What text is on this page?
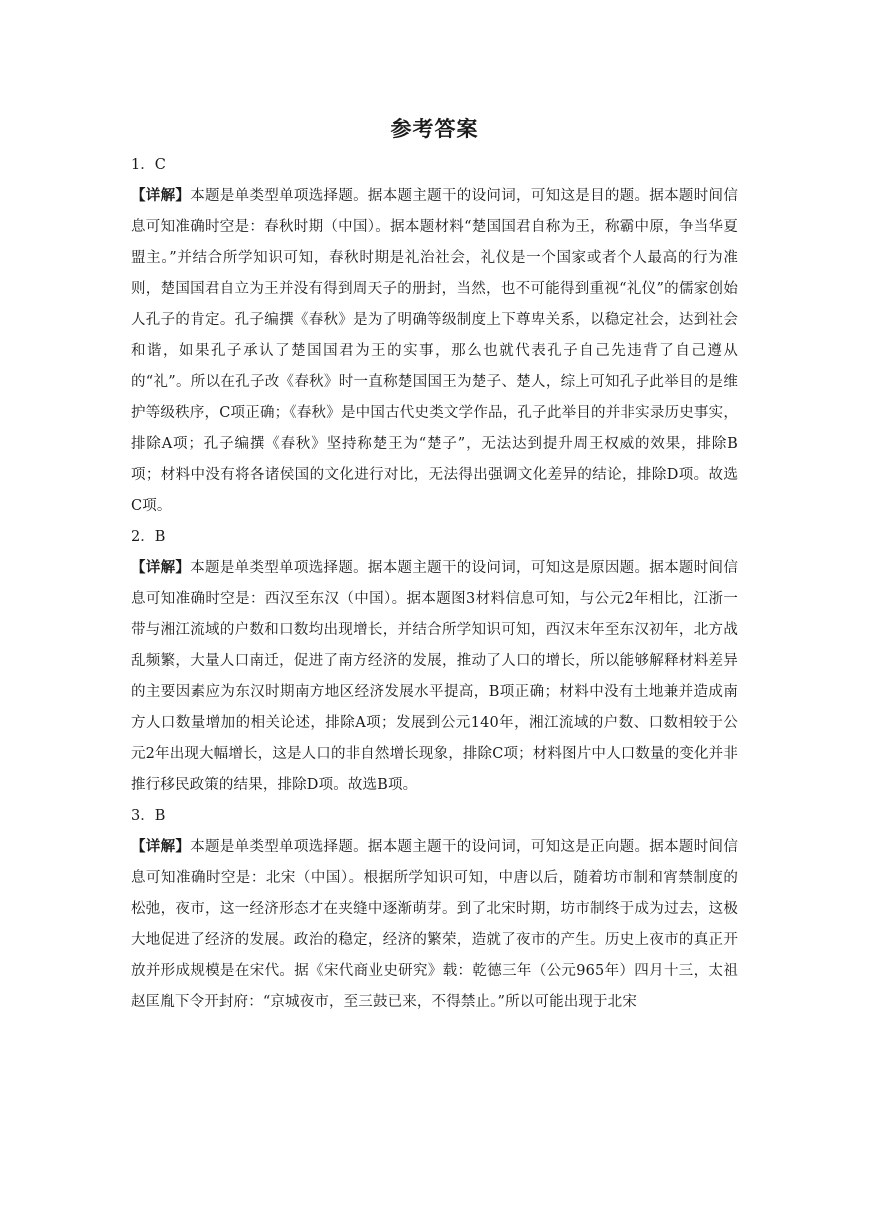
参考答案

1．C

【详解】本题是单类型单项选择题。据本题主题干的设问词，可知这是目的题。据本题时间信息可知准确时空是：春秋时期（中国）。据本题材料“楚国国君自称为王，称霸中原，争当华夏盟主。”并结合所学知识可知，春秋时期是礼治社会，礼仪是一个国家或者个人最高的行为准则，楚国国君自立为王并没有得到周天子的册封，当然，也不可能得到重视“礼仪”的儒家创始人孔子的肯定。孔子编撰《春秋》是为了明确等级制度上下尊卑关系，以稳定社会，达到社会和谐，如果孔子承认了楚国国君为王的实事，那么也就代表孔子自己先违背了自己遵从的“礼”。所以在孔子改《春秋》时一直称楚国国王为楚子、楚人，综上可知孔子此举目的是维护等级秩序，C项正确；《春秋》是中国古代史类文学作品，孔子此举目的并非实录历史事实，排除A项；孔子编撰《春秋》坚持称楚王为“楚子”，无法达到提升周王权威的效果，排除B项；材料中没有将各诸侯国的文化进行对比，无法得出强调文化差异的结论，排除D项。故选C项。

2．B

【详解】本题是单类型单项选择题。据本题主题干的设问词，可知这是原因题。据本题时间信息可知准确时空是：西汉至东汉（中国）。据本题图3材料信息可知，与公元2年相比，江浙一带与湘江流域的户数和口数均出现增长，并结合所学知识可知，西汉末年至东汉初年，北方战乱频繁，大量人口南迁，促进了南方经济的发展，推动了人口的增长，所以能够解释材料差异的主要因素应为东汉时期南方地区经济发展水平提高，B项正确；材料中没有土地兼并造成南方人口数量增加的相关论述，排除A项；发展到公元140年，湘江流域的户数、口数相较于公元2年出现大幅增长，这是人口的非自然增长现象，排除C项；材料图片中人口数量的变化并非推行移民政策的结果，排除D项。故选B项。

3．B

【详解】本题是单类型单项选择题。据本题主题干的设问词，可知这是正向题。据本题时间信息可知准确时空是：北宋（中国）。根据所学知识可知，中唐以后，随着坊市制和宵禁制度的松弛，夜市，这一经济形态才在夹缝中逐渐萌芽。到了北宋时期，坊市制终于成为过去，这极大地促进了经济的发展。政治的稳定，经济的繁荣，造就了夜市的产生。历史上夜市的真正开放并形成规模是在宋代。据《宋代商业史研究》载：乾德三年（公元965年）四月十三，太祖赵匡胤下令开封府：“京城夜市，至三鼓已来，不得禁止。”所以可能出现于北宋
